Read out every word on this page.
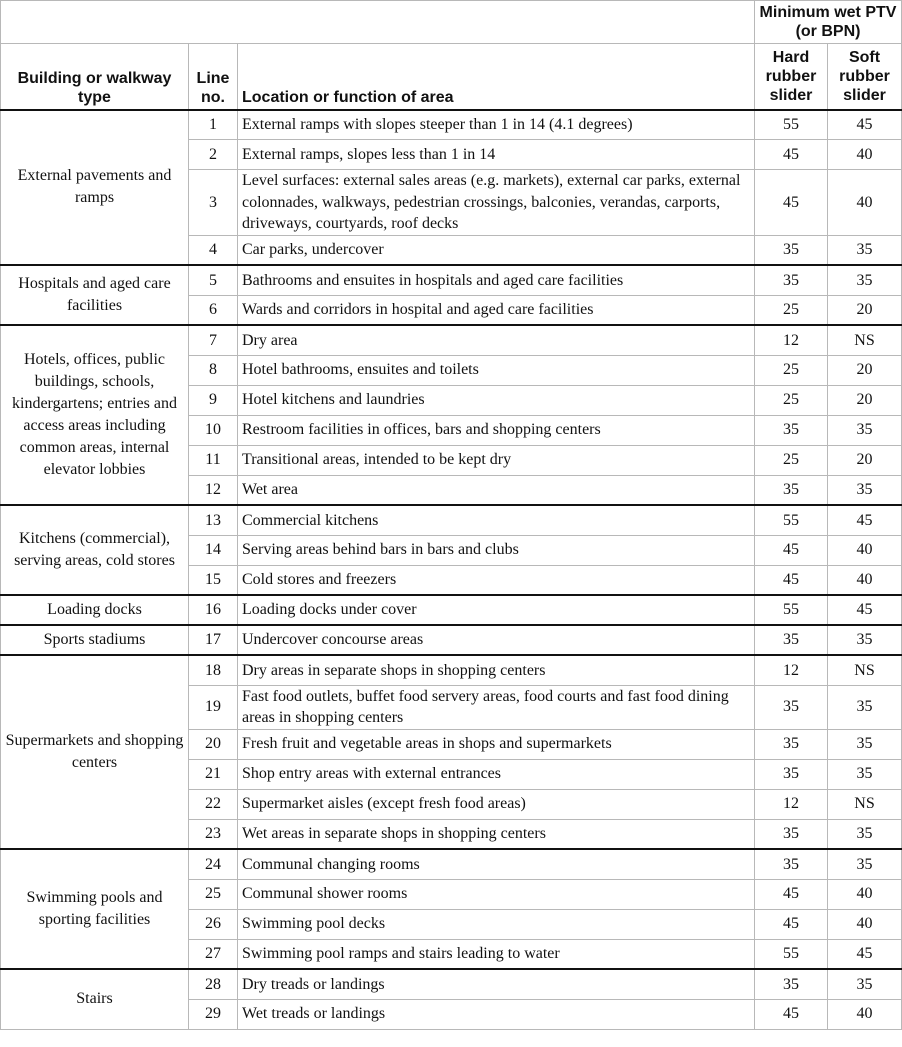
			Minimum wet PTV (or BPN)	
Building or walkway type	Line no.	Location or function of area	Hard rubber slider	Soft rubber slider
External pavements and ramps	1	External ramps with slopes steeper than 1 in 14 (4.1 degrees)	55	45
	2	External ramps, slopes less than 1 in 14	45	40
	3	Level surfaces: external sales areas (e.g. markets), external car parks, external colonnades, walkways, pedestrian crossings, balconies, verandas, carports, driveways, courtyards, roof decks	45	40
	4	Car parks, undercover	35	35
Hospitals and aged care facilities	5	Bathrooms and ensuites in hospitals and aged care facilities	35	35
	6	Wards and corridors in hospital and aged care facilities	25	20
Hotels, offices, public buildings, schools, kindergartens; entries and access areas including common areas, internal elevator lobbies	7	Dry area	12	NS
	8	Hotel bathrooms, ensuites and toilets	25	20
	9	Hotel kitchens and laundries	25	20
	10	Restroom facilities in offices, bars and shopping centers	35	35
	11	Transitional areas, intended to be kept dry	25	20
	12	Wet area	35	35
Kitchens (commercial), serving areas, cold stores	13	Commercial kitchens	55	45
	14	Serving areas behind bars in bars and clubs	45	40
	15	Cold stores and freezers	45	40
Loading docks	16	Loading docks under cover	55	45
Sports stadiums	17	Undercover concourse areas	35	35
Supermarkets and shopping centers	18	Dry areas in separate shops in shopping centers	12	NS
	19	Fast food outlets, buffet food servery areas, food courts and fast food dining areas in shopping centers	35	35
	20	Fresh fruit and vegetable areas in shops and supermarkets	35	35
	21	Shop entry areas with external entrances	35	35
	22	Supermarket aisles (except fresh food areas)	12	NS
	23	Wet areas in separate shops in shopping centers	35	35
Swimming pools and sporting facilities	24	Communal changing rooms	35	35
	25	Communal shower rooms	45	40
	26	Swimming pool decks	45	40
	27	Swimming pool ramps and stairs leading to water	55	45
Stairs	28	Dry treads or landings	35	35
	29	Wet treads or landings	45	40
